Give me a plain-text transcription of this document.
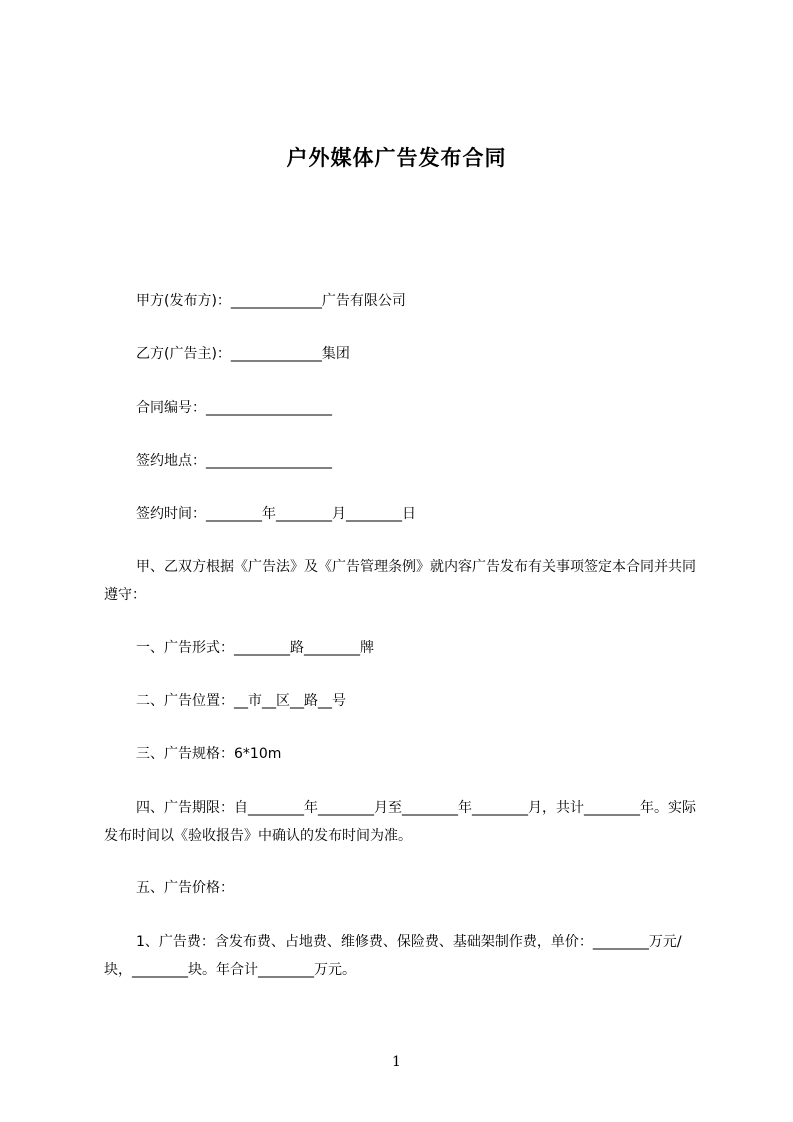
户外媒体广告发布合同
甲方(发布方)：_____________广告有限公司
乙方(广告主)：_____________集团
合同编号：__________________
签约地点：__________________
签约时间：________年________月________日
甲、乙双方根据《广告法》及《广告管理条例》就内容广告发布有关事项签定本合同并共同遵守：
一、广告形式：________路________牌
二、广告位置：__市__区__路__号
三、广告规格：6*10m
四、广告期限：自________年________月至________年________月，共计________年。实际发布时间以《验收报告》中确认的发布时间为准。
五、广告价格：
1、广告费：含发布费、占地费、维修费、保险费、基础架制作费，单价：________万元/块，________块。年合计________万元。
1
